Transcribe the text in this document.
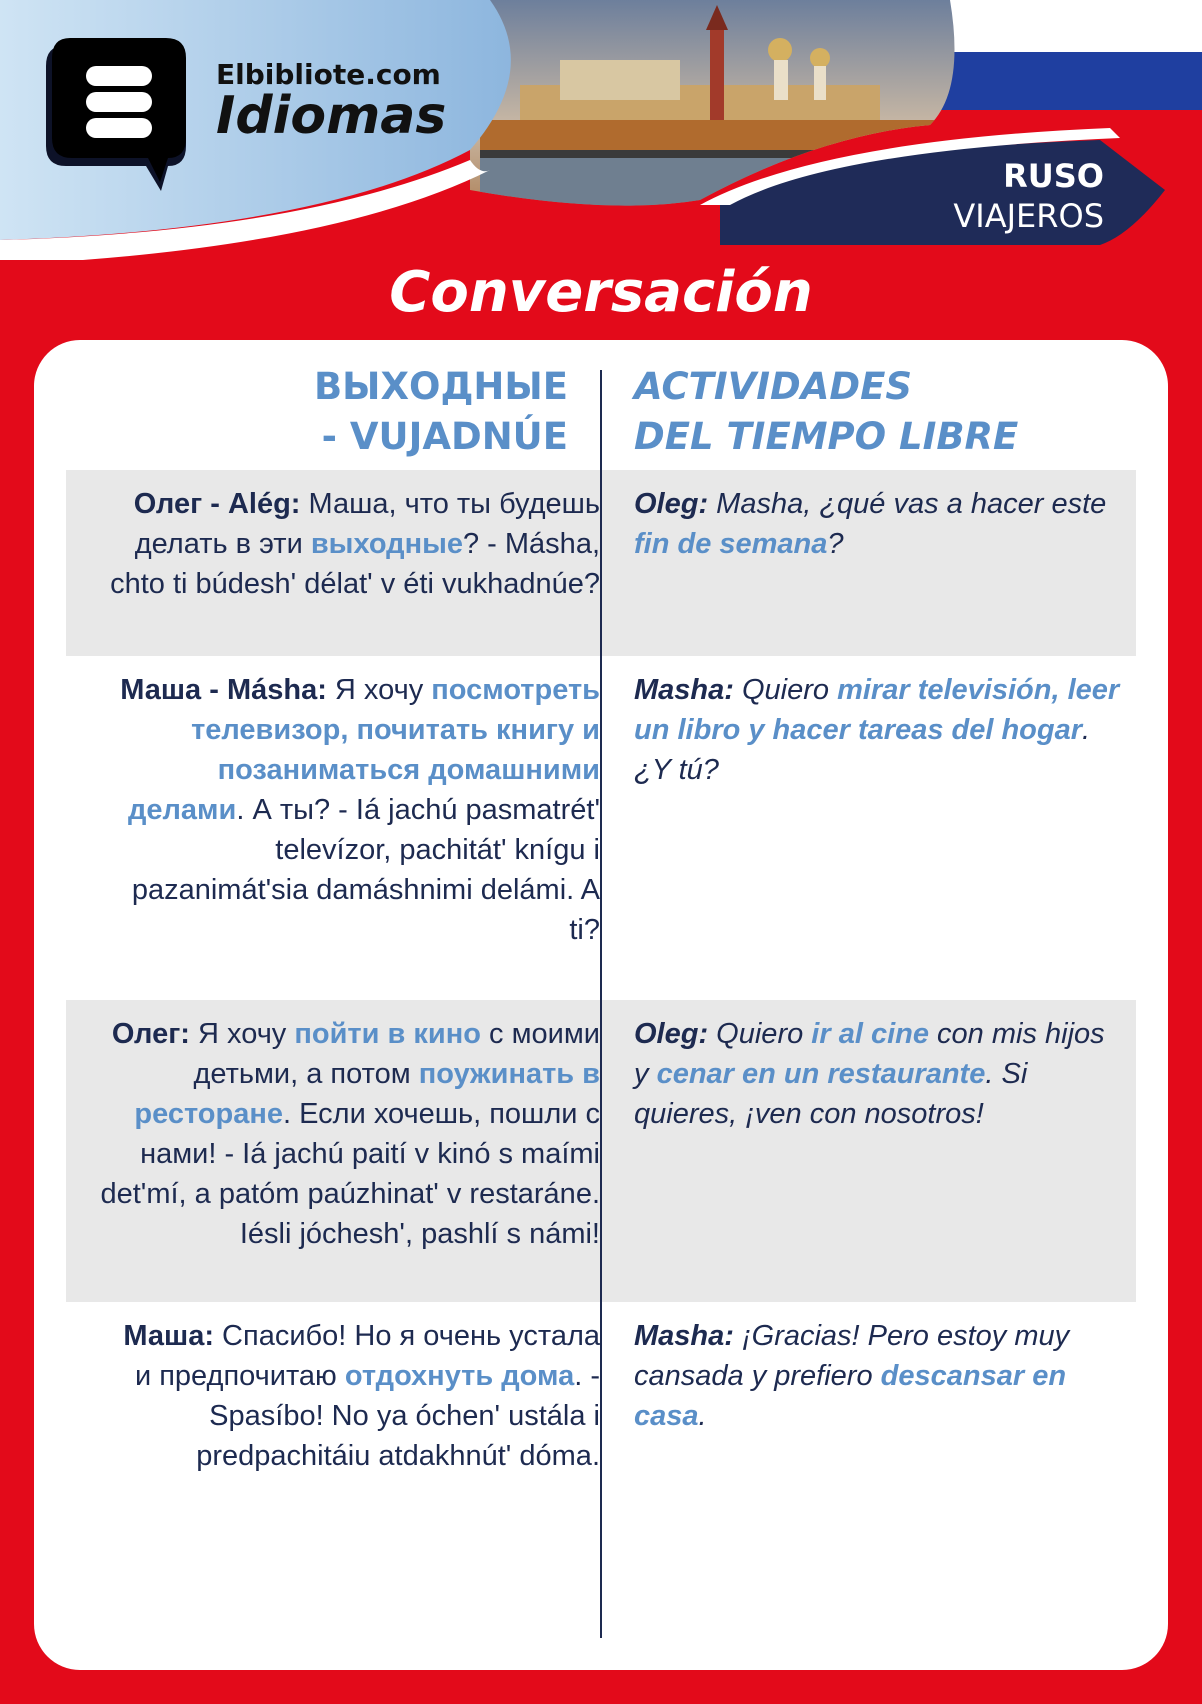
Elbibliote.com
Idiomas
RUSO
VIAJEROS
Conversación
ВЫХОДНЫЕ
- VUJADNÚE
ACTIVIDADES
DEL TIEMPO LIBRE
Олег - Alég: Маша, что ты будешь делать в эти выходные? - Másha, chto ti búdesh' délat' v éti vukhadnúe?
Oleg: Masha, ¿qué vas a hacer este fin de semana?
Маша - Másha: Я хочу посмотреть телевизор, почитать книгу и позаниматься домашними делами. А ты? - Iá jachú pasmatrét' televízor, pachitát' knígu i pazanimát'sia damáshnimi delámi. A ti?
Masha: Quiero mirar televisión, leer un libro y hacer tareas del hogar. ¿Y tú?
Олег: Я хочу пойти в кино с моими детьми, а потом поужинать в ресторане. Если хочешь, пошли с нами! - Iá jachú paití v kinó s maími det'mí, a patóm paúzhinat' v restaráne. Iésli jóchesh', pashlí s námi!
Oleg: Quiero ir al cine con mis hijos y cenar en un restaurante. Si quieres, ¡ven con nosotros!
Маша: Спасибо! Но я очень устала и предпочитаю отдохнуть дома. - Spasíbo! No ya óchen' ustála i predpachitáiu atdakhnút' dóma.
Masha: ¡Gracias! Pero estoy muy cansada y prefiero descansar en casa.
